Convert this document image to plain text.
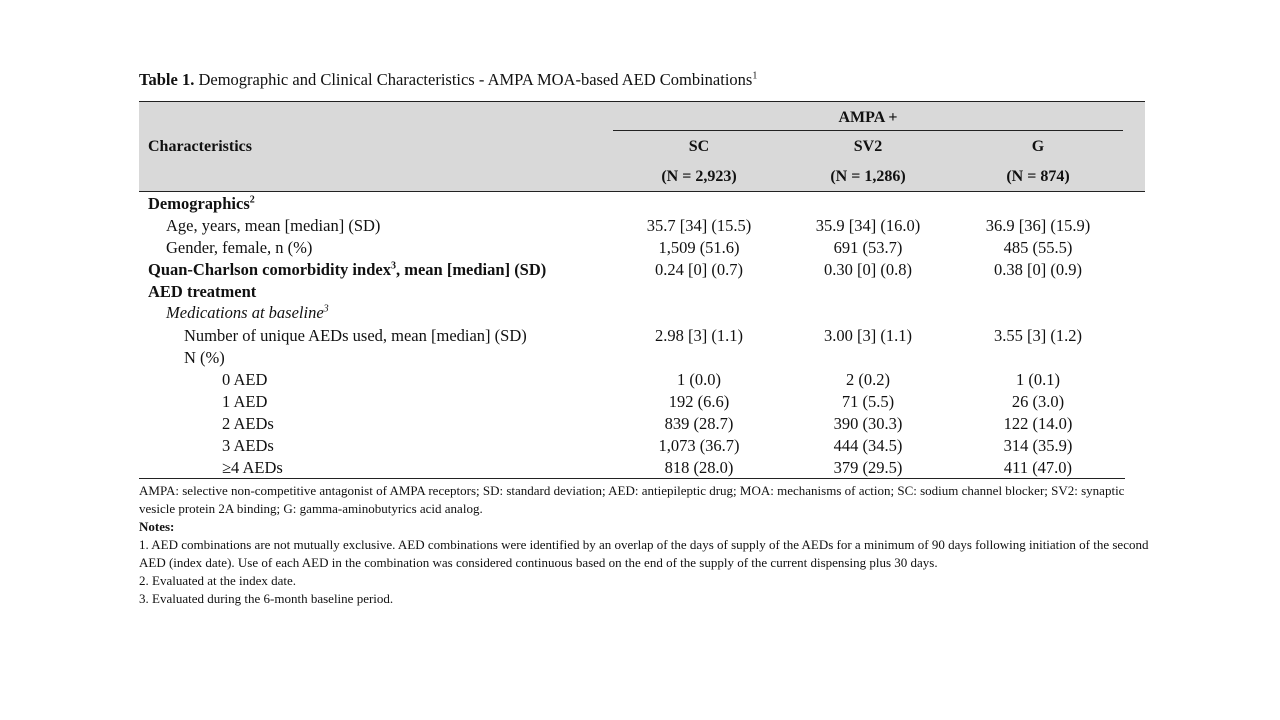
Table 1. Demographic and Clinical Characteristics - AMPA MOA-based AED Combinations$^1$
Characteristics
AMPA +
SC	SV2	G
(N = 2,923)	(N = 1,286)	(N = 874)
Demographics$^2$
Age, years, mean [median] (SD)	35.7 [34] (15.5)	35.9 [34] (16.0)	36.9 [36] (15.9)
Gender, female, n (%)	1,509 (51.6)	691 (53.7)	485 (55.5)
Quan-Charlson comorbidity index$^3$, mean [median] (SD)	0.24 [0] (0.7)	0.30 [0] (0.8)	0.38 [0] (0.9)
AED treatment
Medications at baseline$^3$
Number of unique AEDs used, mean [median] (SD)	2.98 [3] (1.1)	3.00 [3] (1.1)	3.55 [3] (1.2)
N (%)
0 AED	1 (0.0)	2 (0.2)	1 (0.1)
1 AED	192 (6.6)	71 (5.5)	26 (3.0)
2 AEDs	839 (28.7)	390 (30.3)	122 (14.0)
3 AEDs	1,073 (36.7)	444 (34.5)	314 (35.9)
≥4 AEDs	818 (28.0)	379 (29.5)	411 (47.0)

AMPA: selective non-competitive antagonist of AMPA receptors; SD: standard deviation; AED: antiepileptic drug; MOA: mechanisms of action; SC: sodium channel blocker; SV2: synaptic vesicle protein 2A binding; G: gamma-aminobutyrics acid analog.

Notes:

1. AED combinations are not mutually exclusive. AED combinations were identified by an overlap of the days of supply of the AEDs for a minimum of 90 days following initiation of the second AED (index date). Use of each AED in the combination was considered continuous based on the end of the supply of the current dispensing plus 30 days.

2. Evaluated at the index date.

3. Evaluated during the 6-month baseline period.
